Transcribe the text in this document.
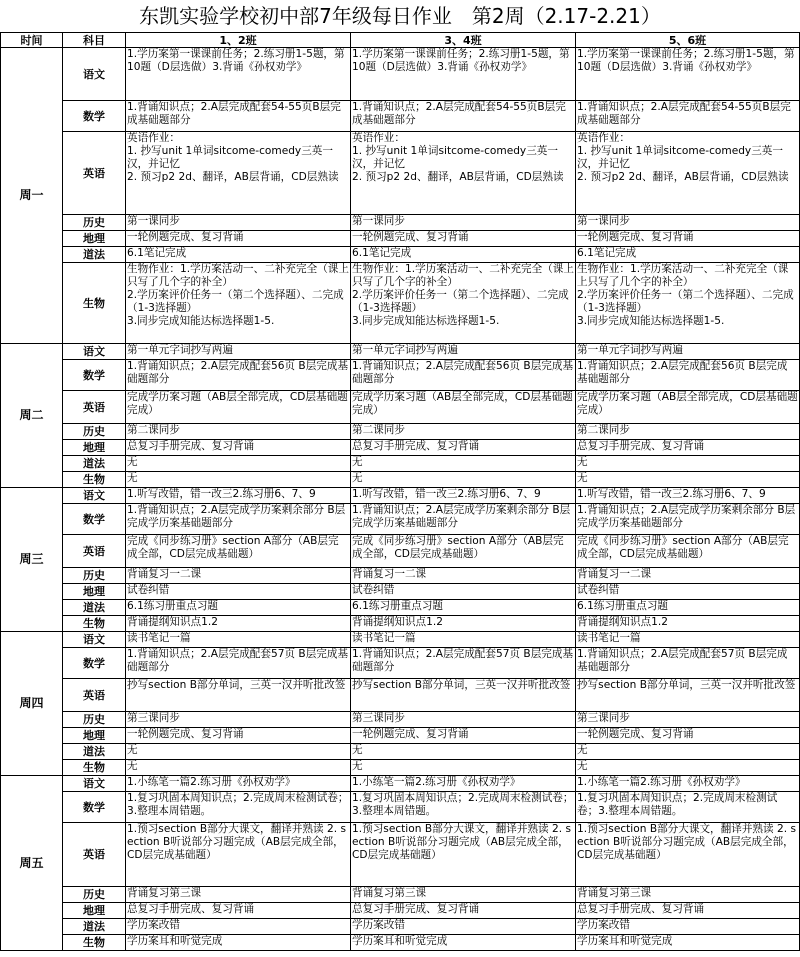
东凯实验学校初中部7年级每日作业　第2周（2.17-2.21）
时间	科目	1、2班	3、4班	5、6班
周一	语文	1.学历案第一课课前任务；2.练习册1-5题，第10题（D层选做）3.背诵《孙权劝学》	1.学历案第一课课前任务；2.练习册1-5题，第10题（D层选做）3.背诵《孙权劝学》	1.学历案第一课课前任务；2.练习册1-5题，第10题（D层选做）3.背诵《孙权劝学》
	数学	1.背诵知识点；2.A层完成配套54-55页B层完成基础题部分	1.背诵知识点；2.A层完成配套54-55页B层完成基础题部分	1.背诵知识点；2.A层完成配套54-55页B层完成基础题部分
	英语	英语作业：
1. 抄写unit 1单词sitcome-comedy三英一汉，并记忆
2. 预习p2 2d、翻译，AB层背诵，CD层熟读	英语作业：
1. 抄写unit 1单词sitcome-comedy三英一汉，并记忆
2. 预习p2 2d、翻译，AB层背诵，CD层熟读	英语作业：
1. 抄写unit 1单词sitcome-comedy三英一汉，并记忆
2. 预习p2 2d、翻译，AB层背诵，CD层熟读
	历史	第一课同步	第一课同步	第一课同步
	地理	一轮例题完成、复习背诵	一轮例题完成、复习背诵	一轮例题完成、复习背诵
	道法	6.1笔记完成	6.1笔记完成	6.1笔记完成
	生物	生物作业：1.学历案活动一、二补充完全（课上只写了几个字的补全）
2.学历案评价任务一（第二个选择题）、二完成（1-3选择题）
3.同步完成知能达标选择题1-5.	生物作业：1.学历案活动一、二补充完全（课上只写了几个字的补全）
2.学历案评价任务一（第二个选择题）、二完成（1-3选择题）
3.同步完成知能达标选择题1-5.	生物作业：1.学历案活动一、二补充完全（课上只写了几个字的补全）
2.学历案评价任务一（第二个选择题）、二完成（1-3选择题）
3.同步完成知能达标选择题1-5.
周二	语文	第一单元字词抄写两遍	第一单元字词抄写两遍	第一单元字词抄写两遍
	数学	1.背诵知识点；2.A层完成配套56页 B层完成基础题部分	1.背诵知识点；2.A层完成配套56页 B层完成基础题部分	1.背诵知识点；2.A层完成配套56页 B层完成基础题部分
	英语	完成学历案习题（AB层全部完成，CD层基础题完成）	完成学历案习题（AB层全部完成，CD层基础题完成）	完成学历案习题（AB层全部完成，CD层基础题完成）
	历史	第二课同步	第二课同步	第二课同步
	地理	总复习手册完成、复习背诵	总复习手册完成、复习背诵	总复习手册完成、复习背诵
	道法	无	无	无
	生物	无	无	无
周三	语文	1.听写改错，错一改三2.练习册6、7、9	1.听写改错，错一改三2.练习册6、7、9	1.听写改错，错一改三2.练习册6、7、9
	数学	1.背诵知识点；2.A层完成学历案剩余部分 B层完成学历案基础题部分	1.背诵知识点；2.A层完成学历案剩余部分 B层完成学历案基础题部分	1.背诵知识点；2.A层完成学历案剩余部分 B层完成学历案基础题部分
	英语	完成《同步练习册》section A部分（AB层完成全部，CD层完成基础题）	完成《同步练习册》section A部分（AB层完成全部，CD层完成基础题）	完成《同步练习册》section A部分（AB层完成全部，CD层完成基础题）
	历史	背诵复习一二课	背诵复习一二课	背诵复习一二课
	地理	试卷纠错	试卷纠错	试卷纠错
	道法	6.1练习册重点习题	6.1练习册重点习题	6.1练习册重点习题
	生物	背诵提纲知识点1.2	背诵提纲知识点1.2	背诵提纲知识点1.2
周四	语文	读书笔记一篇	读书笔记一篇	读书笔记一篇
	数学	1.背诵知识点；2.A层完成配套57页 B层完成基础题部分	1.背诵知识点；2.A层完成配套57页 B层完成基础题部分	1.背诵知识点；2.A层完成配套57页 B层完成基础题部分
	英语	抄写section B部分单词，三英一汉并听批改签	抄写section B部分单词，三英一汉并听批改签	抄写section B部分单词，三英一汉并听批改签
	历史	第三课同步	第三课同步	第三课同步
	地理	一轮例题完成、复习背诵	一轮例题完成、复习背诵	一轮例题完成、复习背诵
	道法	无	无	无
	生物	无	无	无
周五	语文	1.小练笔一篇2.练习册《孙权劝学》	1.小练笔一篇2.练习册《孙权劝学》	1.小练笔一篇2.练习册《孙权劝学》
	数学	1.复习巩固本周知识点；2.完成周末检测试卷；3.整理本周错题。	1.复习巩固本周知识点；2.完成周末检测试卷；3.整理本周错题。	1.复习巩固本周知识点；2.完成周末检测试卷；3.整理本周错题。
	英语	1.预习section B部分大课文，翻译并熟读 2. section B听说部分习题完成（AB层完成全部，CD层完成基础题）	1.预习section B部分大课文，翻译并熟读 2. section B听说部分习题完成（AB层完成全部，CD层完成基础题）	1.预习section B部分大课文，翻译并熟读 2. section B听说部分习题完成（AB层完成全部，CD层完成基础题）
	历史	背诵复习第三课	背诵复习第三课	背诵复习第三课
	地理	总复习手册完成、复习背诵	总复习手册完成、复习背诵	总复习手册完成、复习背诵
	道法	学历案改错	学历案改错	学历案改错
	生物	学历案耳和听觉完成	学历案耳和听觉完成	学历案耳和听觉完成
